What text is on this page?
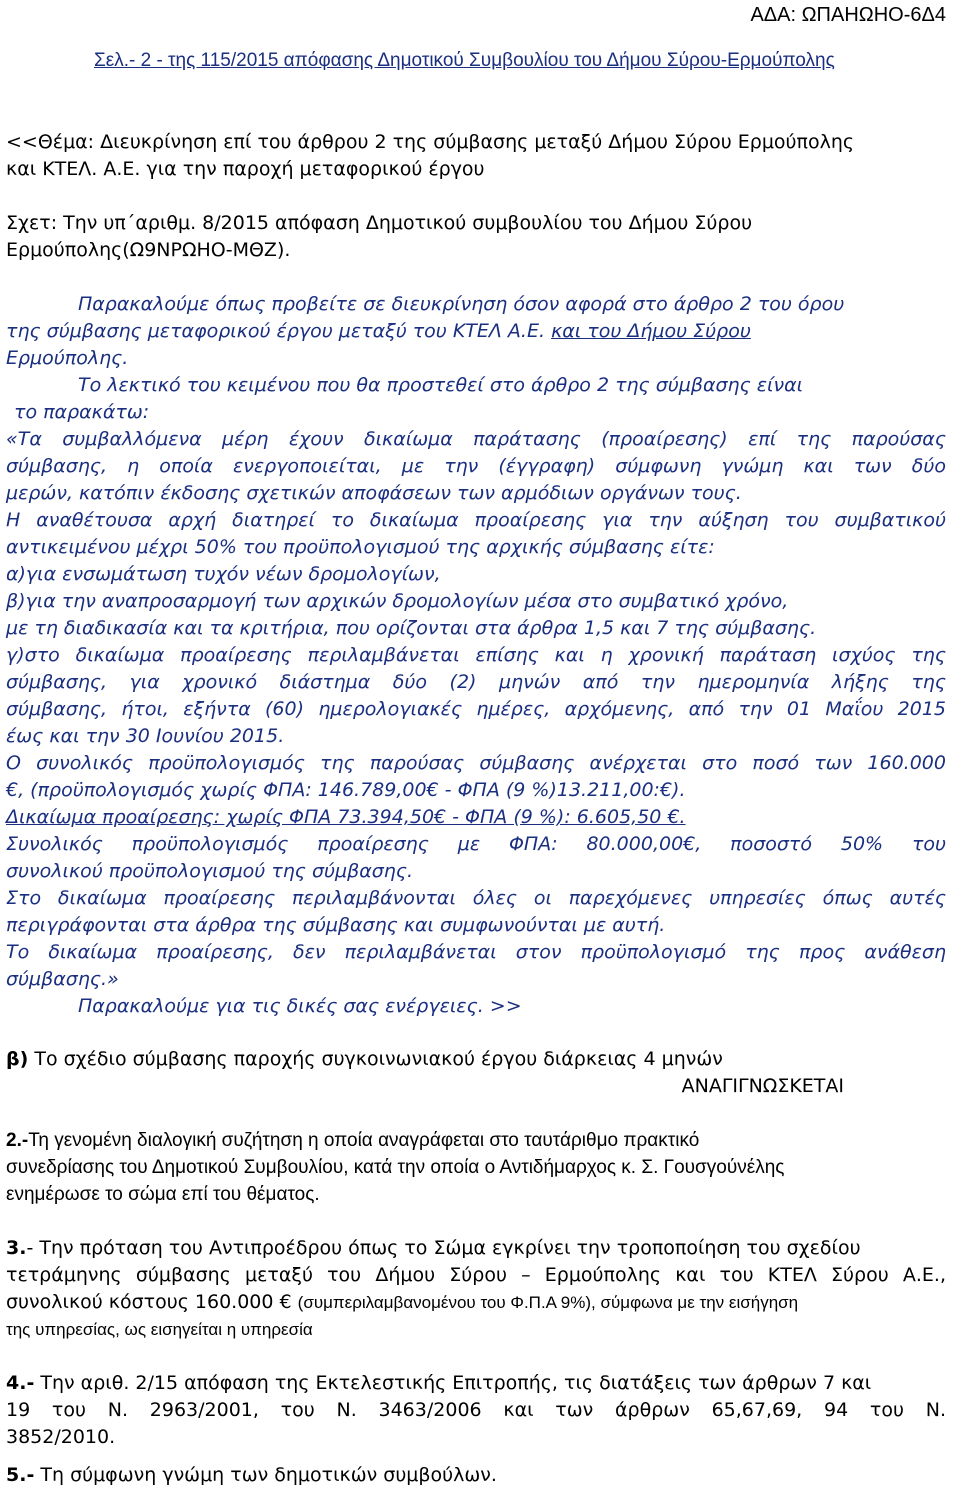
ΑΔΑ: ΩΠΑΗΩΗΟ-6Δ4
Σελ.- 2 - της 115/2015 απόφασης Δημοτικού Συμβουλίου του Δήμου Σύρου-Ερμούπολης
<<Θέμα: Διευκρίνηση επί του άρθρου 2 της σύμβασης μεταξύ Δήμου Σύρου Ερμούπολης
και ΚΤΕΛ. Α.Ε. για την παροχή μεταφορικού έργου
Σχετ: Την υπ΄αριθμ. 8/2015 απόφαση Δημοτικού συμβουλίου του Δήμου Σύρου
Ερμούπολης(Ω9ΝΡΩΗΟ-ΜΘΖ).
Παρακαλούμε όπως προβείτε σε διευκρίνηση όσον αφορά στο άρθρο 2 του όρου
της σύμβασης μεταφορικού έργου μεταξύ του ΚΤΕΛ Α.Ε. και του Δήμου Σύρου
Ερμούπολης.
Το λεκτικό του κειμένου που θα προστεθεί στο άρθρο 2 της σύμβασης είναι
το παρακάτω:
«Τα συμβαλλόμενα μέρη έχουν δικαίωμα παράτασης (προαίρεσης) επί της παρούσας
σύμβασης, η οποία ενεργοποιείται, με την (έγγραφη) σύμφωνη γνώμη και των δύο
μερών, κατόπιν έκδοσης σχετικών αποφάσεων των αρμόδιων οργάνων τους.
Η αναθέτουσα αρχή διατηρεί το δικαίωμα προαίρεσης για την αύξηση του συμβατικού
αντικειμένου μέχρι 50% του προϋπολογισμού της αρχικής σύμβασης είτε:
α)για ενσωμάτωση τυχόν νέων δρομολογίων,
β)για την αναπροσαρμογή των αρχικών δρομολογίων μέσα στο συμβατικό χρόνο,
με τη διαδικασία και τα κριτήρια, που ορίζονται στα άρθρα 1,5 και 7 της σύμβασης.
γ)στο δικαίωμα προαίρεσης περιλαμβάνεται επίσης και η χρονική παράταση ισχύος της
σύμβασης, για χρονικό διάστημα δύο (2) μηνών από την ημερομηνία λήξης της
σύμβασης, ήτοι, εξήντα (60) ημερολογιακές ημέρες, αρχόμενης, από την 01 Μαΐου 2015
έως και την 30 Ιουνίου 2015.
Ο συνολικός προϋπολογισμός της παρούσας σύμβασης ανέρχεται στο ποσό των 160.000
€, (προϋπολογισμός χωρίς ΦΠΑ: 146.789,00€ - ΦΠΑ (9 %)13.211,00:€).
Δικαίωμα προαίρεσης: χωρίς ΦΠΑ 73.394,50€ - ΦΠΑ (9 %): 6.605,50 €.
Συνολικός προϋπολογισμός προαίρεσης με ΦΠΑ: 80.000,00€, ποσοστό 50% του
συνολικού προϋπολογισμού της σύμβασης.
Στο δικαίωμα προαίρεσης περιλαμβάνονται όλες οι παρεχόμενες υπηρεσίες όπως αυτές
περιγράφονται στα άρθρα της σύμβασης και συμφωνούνται με αυτή.
Το δικαίωμα προαίρεσης, δεν περιλαμβάνεται στον προϋπολογισμό της προς ανάθεση
σύμβασης.»
Παρακαλούμε για τις δικές σας ενέργειες. >>
β) Το σχέδιο σύμβασης παροχής συγκοινωνιακού έργου διάρκειας 4 μηνών
ΑΝΑΓΙΓΝΩΣΚΕΤΑΙ
2.-Τη γενομένη διαλογική συζήτηση η οποία αναγράφεται στο ταυτάριθμο πρακτικό
συνεδρίασης του Δημοτικού Συμβουλίου, κατά την οποία ο Αντιδήμαρχος κ. Σ. Γουσγούνέλης
ενημέρωσε το σώμα επί του θέματος.
3.- Την πρόταση του Αντιπροέδρου όπως το Σώμα εγκρίνει την τροποποίηση του σχεδίου
τετράμηνης σύμβασης μεταξύ του Δήμου Σύρου – Ερμούπολης και του ΚΤΕΛ Σύρου Α.Ε.,
συνολικού κόστους 160.000 € (συμπεριλαμβανομένου του Φ.Π.Α 9%), σύμφωνα με την εισήγηση
της υπηρεσίας, ως εισηγείται η υπηρεσία
4.- Την αριθ. 2/15 απόφαση της Εκτελεστικής Επιτροπής, τις διατάξεις των άρθρων 7 και
19 του Ν. 2963/2001, του Ν. 3463/2006 και των άρθρων 65,67,69, 94 του Ν.
3852/2010.
5.- Τη σύμφωνη γνώμη των δημοτικών συμβούλων.
